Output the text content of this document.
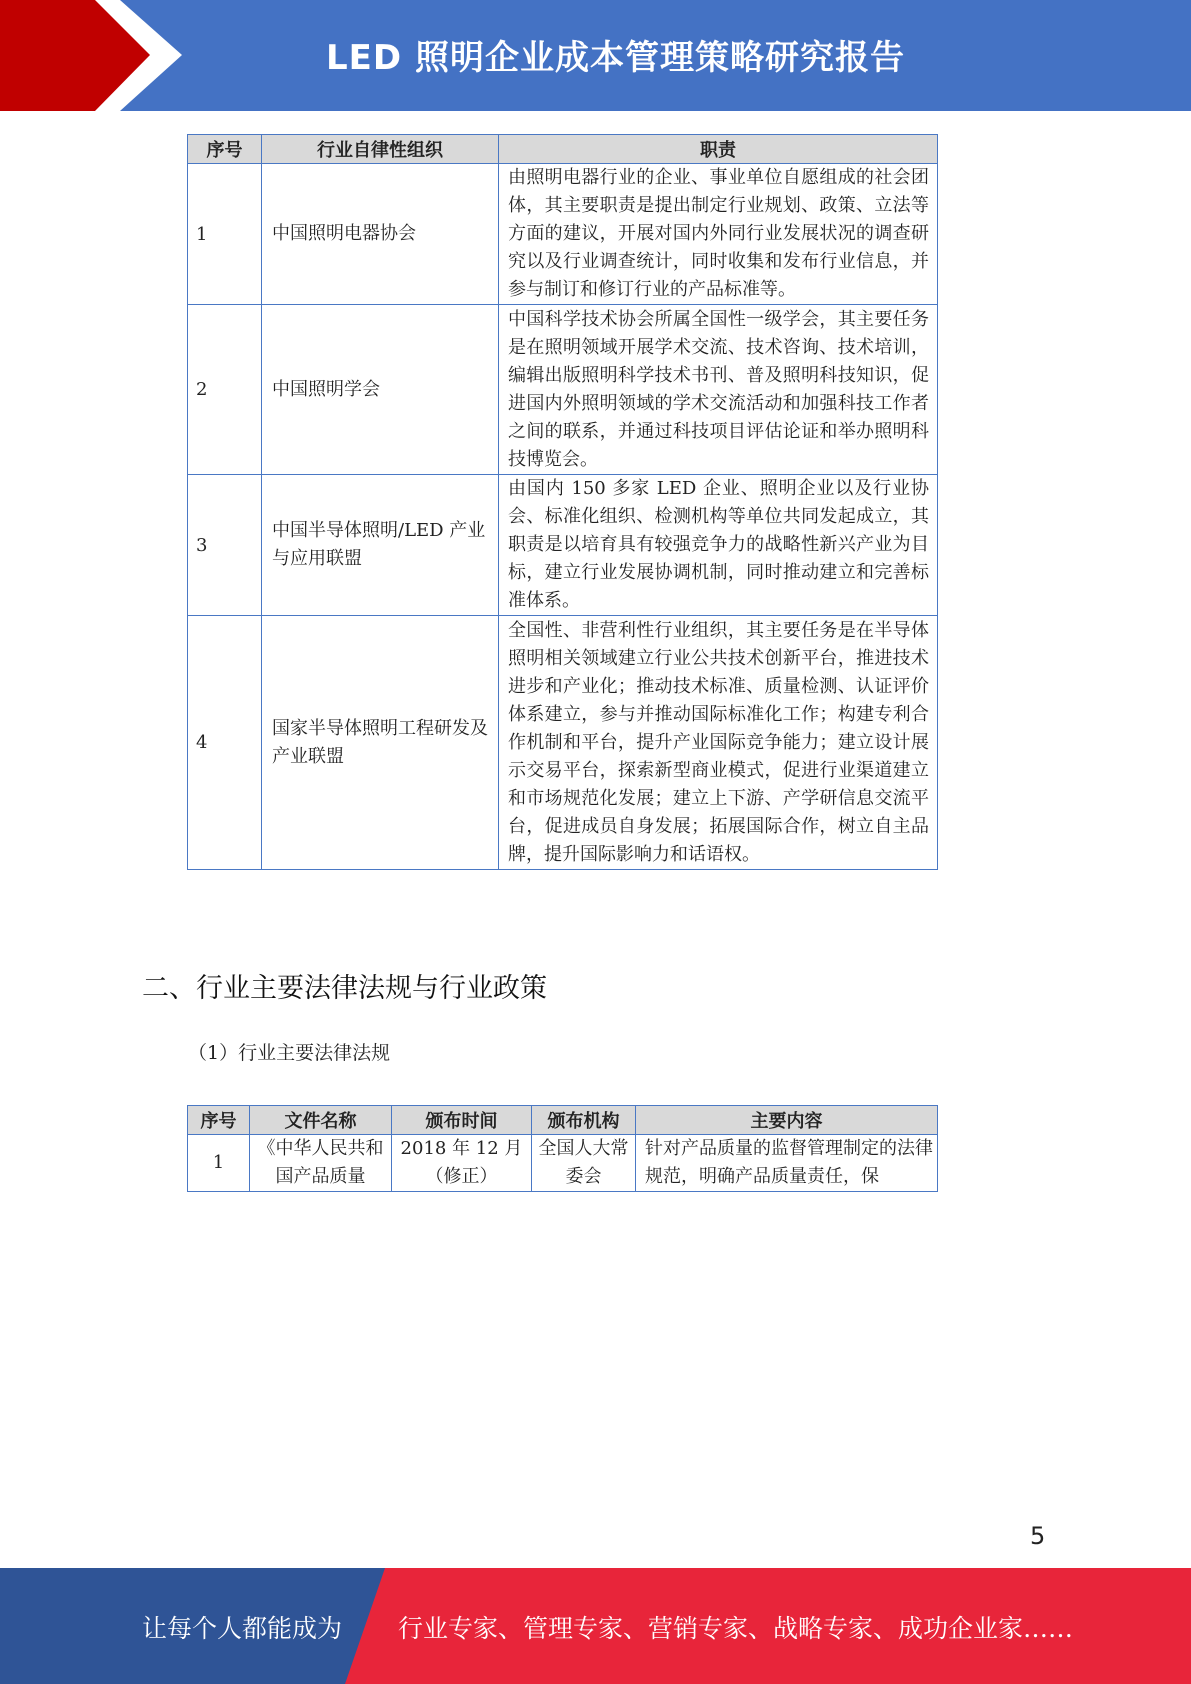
LED 照明企业成本管理策略研究报告
序号	行业自律性组织	职责
1	中国照明电器协会	由照明电器行业的企业、事业单位自愿组成的社会团体，其主要职责是提出制定行业规划、政策、立法等方面的建议，开展对国内外同行业发展状况的调查研究以及行业调查统计，同时收集和发布行业信息，并参与制订和修订行业的产品标准等。
2	中国照明学会	中国科学技术协会所属全国性一级学会，其主要任务是在照明领域开展学术交流、技术咨询、技术培训，编辑出版照明科学技术书刊、普及照明科技知识，促进国内外照明领域的学术交流活动和加强科技工作者之间的联系，并通过科技项目评估论证和举办照明科技博览会。
3	中国半导体照明/LED 产业与应用联盟	由国内 150 多家 LED 企业、照明企业以及行业协会、标准化组织、检测机构等单位共同发起成立，其职责是以培育具有较强竞争力的战略性新兴产业为目标，建立行业发展协调机制，同时推动建立和完善标准体系。
4	国家半导体照明工程研发及产业联盟	全国性、非营利性行业组织，其主要任务是在半导体照明相关领域建立行业公共技术创新平台，推进技术进步和产业化；推动技术标准、质量检测、认证评价体系建立，参与并推动国际标准化工作；构建专利合作机制和平台，提升产业国际竞争能力；建立设计展示交易平台，探索新型商业模式，促进行业渠道建立和市场规范化发展；建立上下游、产学研信息交流平台，促进成员自身发展；拓展国际合作，树立自主品牌，提升国际影响力和话语权。
二、行业主要法律法规与行业政策
（1）行业主要法律法规
序号	文件名称	颁布时间	颁布机构	主要内容
1	《中华人民共和国产品质量	2018 年 12 月（修正）	全国人大常委会	针对产品质量的监督管理制定的法律规范，明确产品质量责任，保
5
让每个人都能成为 行业专家、管理专家、营销专家、战略专家、成功企业家……
